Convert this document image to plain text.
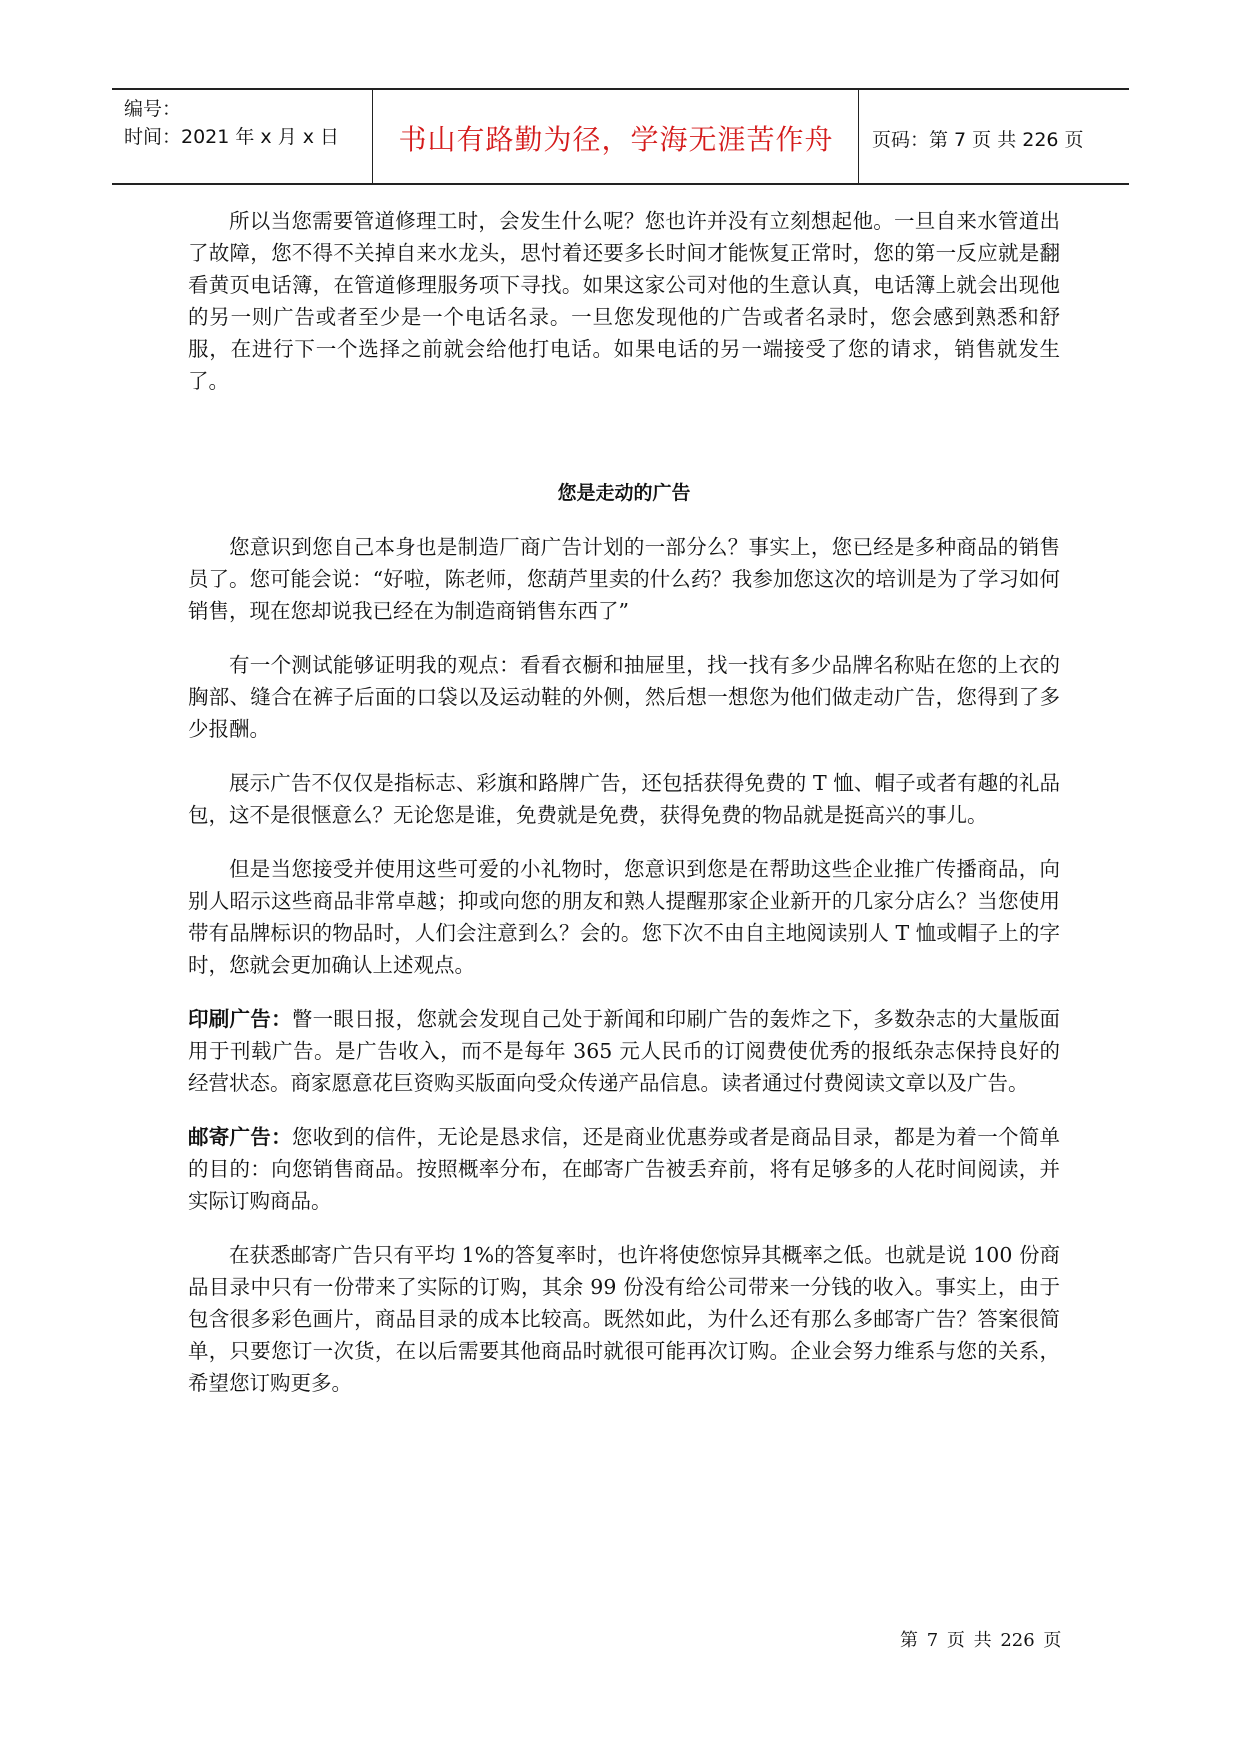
编号：
时间：2021 年 x 月 x 日	书山有路勤为径，学海无涯苦作舟	页码：第 7 页 共 226 页

所以当您需要管道修理工时，会发生什么呢？您也许并没有立刻想起他。一旦自来水管道出了故障，您不得不关掉自来水龙头，思忖着还要多长时间才能恢复正常时，您的第一反应就是翻看黄页电话簿，在管道修理服务项下寻找。如果这家公司对他的生意认真，电话簿上就会出现他的另一则广告或者至少是一个电话名录。一旦您发现他的广告或者名录时，您会感到熟悉和舒服，在进行下一个选择之前就会给他打电话。如果电话的另一端接受了您的请求，销售就发生了。

您是走动的广告

您意识到您自己本身也是制造厂商广告计划的一部分么？事实上，您已经是多种商品的销售员了。您可能会说：“好啦，陈老师，您葫芦里卖的什么药？我参加您这次的培训是为了学习如何销售，现在您却说我已经在为制造商销售东西了”

有一个测试能够证明我的观点：看看衣橱和抽屉里，找一找有多少品牌名称贴在您的上衣的胸部、缝合在裤子后面的口袋以及运动鞋的外侧，然后想一想您为他们做走动广告，您得到了多少报酬。

展示广告不仅仅是指标志、彩旗和路牌广告，还包括获得免费的 T 恤、帽子或者有趣的礼品包，这不是很惬意么？无论您是谁，免费就是免费，获得免费的物品就是挺高兴的事儿。

但是当您接受并使用这些可爱的小礼物时，您意识到您是在帮助这些企业推广传播商品，向别人昭示这些商品非常卓越；抑或向您的朋友和熟人提醒那家企业新开的几家分店么？当您使用带有品牌标识的物品时，人们会注意到么？会的。您下次不由自主地阅读别人 T 恤或帽子上的字时，您就会更加确认上述观点。

印刷广告：瞥一眼日报，您就会发现自己处于新闻和印刷广告的轰炸之下，多数杂志的大量版面用于刊载广告。是广告收入，而不是每年 365 元人民币的订阅费使优秀的报纸杂志保持良好的经营状态。商家愿意花巨资购买版面向受众传递产品信息。读者通过付费阅读文章以及广告。

邮寄广告：您收到的信件，无论是恳求信，还是商业优惠券或者是商品目录，都是为着一个简单的目的：向您销售商品。按照概率分布，在邮寄广告被丢弃前，将有足够多的人花时间阅读，并实际订购商品。

在获悉邮寄广告只有平均 1%的答复率时，也许将使您惊异其概率之低。也就是说 100 份商品目录中只有一份带来了实际的订购，其余 99 份没有给公司带来一分钱的收入。事实上，由于包含很多彩色画片，商品目录的成本比较高。既然如此，为什么还有那么多邮寄广告？答案很简单，只要您订一次货，在以后需要其他商品时就很可能再次订购。企业会努力维系与您的关系，希望您订购更多。

第 7 页 共 226 页
